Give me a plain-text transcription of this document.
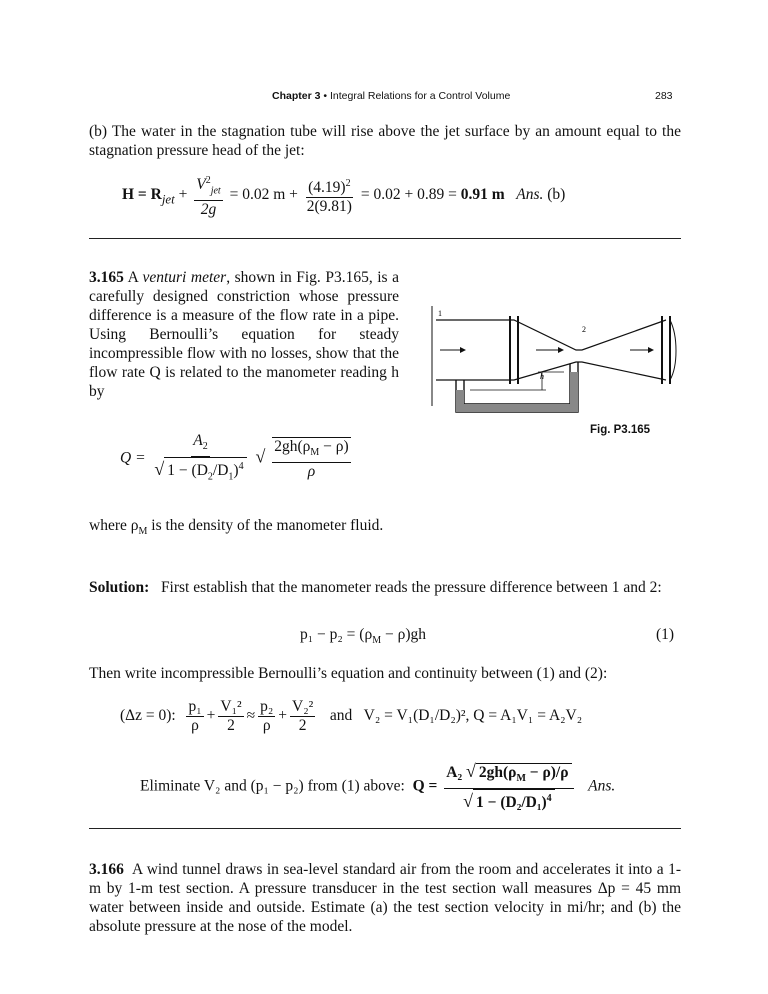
Chapter 3 • Integral Relations for a Control Volume	283

(b) The water in the stagnation tube will rise above the jet surface by an amount equal to the stagnation pressure head of the jet:

$H = R_{jet} + \frac{V^2_{jet}}{2g} = 0.02$ $m + \frac{(4.19)^2}{2(9.81)} = 0.02 + 0.89 = 0.91$ m Ans. (b)

3.165 A venturi meter, shown in Fig. P3.165, is a carefully designed constriction whose pressure difference is a measure of the flow rate in a pipe. Using Bernoulli’s equation for steady incompressible flow with no losses, show that the flow rate Q is related to the manometer reading h by

$Q = \frac{A_2}{√ 1 - (D_2/D_1)^4}$ √ $\frac{2gh(\rho_M - \rho)}{\rho}$

where $\rho_M$ is the density of the manometer fluid.

h
1
2
Fig. P3.165

Solution: First establish that the manometer reads the pressure difference between 1 and 2:

$p_1 - p_2 = (\rho_M - \rho)gh$	(1)

Then write incompressible Bernoulli’s equation and continuity between (1) and (2):

(Δz = 0): $\frac{\text{p₁}}{\rho} + \frac{\text{V₁²}}{2} \approx \frac{\text{p₂}}{\rho} + \frac{\text{V₂²}}{2}$ and V₂ = V₁(D₁/D₂)², Q = A₁V₁ = A₂V₂
Eliminate V₂ and (p₁ − p₂) from (1) above: $Q = \frac{A_2 √ 2gh(\rho_M - \rho)/\rho}{√ 1 - (D_2/D_1)^4}$ Ans.

3.166 A wind tunnel draws in sea-level standard air from the room and accelerates it into a 1-m by 1-m test section. A pressure transducer in the test section wall measures Δp = 45 mm water between inside and outside. Estimate (a) the test section velocity in mi/hr; and (b) the absolute pressure at the nose of the model.
